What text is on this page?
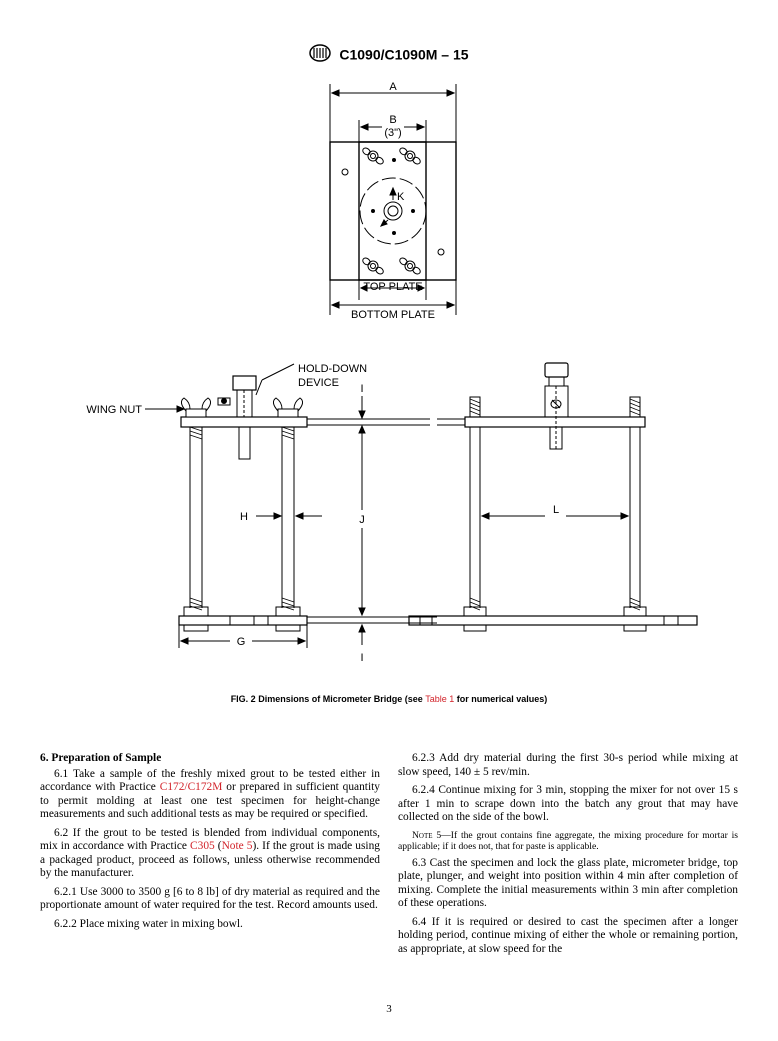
C1090/C1090M – 15
A
B
(3")
K
TOP PLATE
BOTTOM PLATE
HOLD-DOWN
DEVICE
WING NUT
H	J
G
I
I
L
FIG. 2 Dimensions of Micrometer Bridge (see Table 1 for numerical values)
6. Preparation of Sample

6.1 Take a sample of the freshly mixed grout to be tested either in accordance with Practice C172/C172M or prepared in sufficient quantity to permit molding at least one test specimen for height-change measurements and such additional tests as may be required or specified.

6.2 If the grout to be tested is blended from individual components, mix in accordance with Practice C305 (Note 5). If the grout is made using a packaged product, proceed as follows, unless otherwise recommended by the manufacturer.

6.2.1 Use 3000 to 3500 g [6 to 8 lb] of dry material as required and the proportionate amount of water required for the test. Record amounts used.

6.2.2 Place mixing water in mixing bowl.

6.2.3 Add dry material during the first 30-s period while mixing at slow speed, 140 ± 5 rev/min.

6.2.4 Continue mixing for 3 min, stopping the mixer for not over 15 s after 1 min to scrape down into the batch any grout that may have collected on the side of the bowl.

Note 5—If the grout contains fine aggregate, the mixing procedure for mortar is applicable; if it does not, that for paste is applicable.

6.3 Cast the specimen and lock the glass plate, micrometer bridge, top plate, plunger, and weight into position within 4 min after completion of mixing. Complete the initial measurements within 3 min after completion of these operations.

6.4 If it is required or desired to cast the specimen after a longer holding period, continue mixing of either the whole or remaining portion, as appropriate, at slow speed for the

3
